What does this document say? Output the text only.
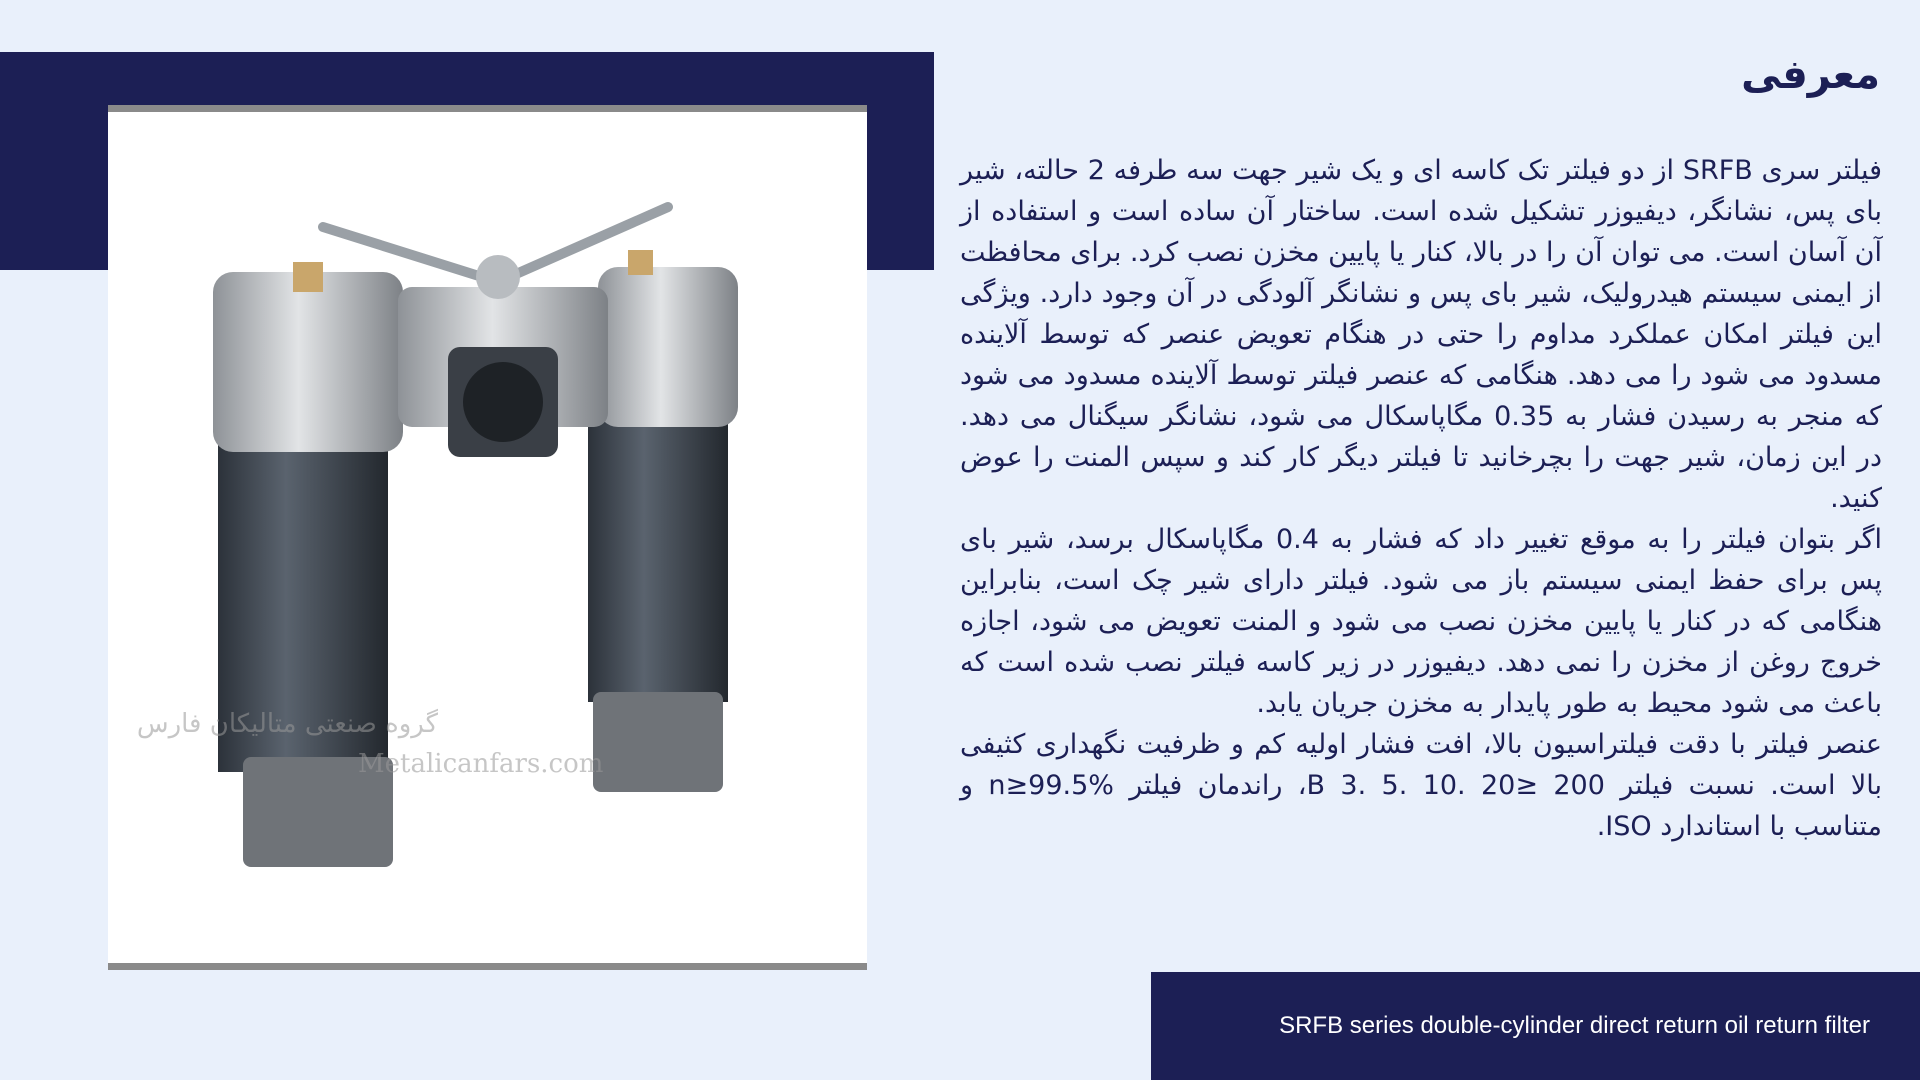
گروه صنعتی متالیکان فارس
Metalicanfars.com
معرفی

فیلتر سری SRFB از دو فیلتر تک کاسه ای و یک شیر جهت سه طرفه 2 حالته، شیر بای پس، نشانگر، دیفیوزر تشکیل شده است. ساختار آن ساده است و استفاده از آن آسان است. می توان آن را در بالا، کنار یا پایین مخزن نصب کرد. برای محافظت از ایمنی سیستم هیدرولیک، شیر بای پس و نشانگر آلودگی در آن وجود دارد. ویژگی این فیلتر امکان عملکرد مداوم را حتی در هنگام تعویض عنصر که توسط آلاینده مسدود می شود را می دهد. هنگامی که عنصر فیلتر توسط آلاینده مسدود می شود که منجر به رسیدن فشار به 0.35 مگاپاسکال می شود، نشانگر سیگنال می دهد. در این زمان، شیر جهت را بچرخانید تا فیلتر دیگر کار کند و سپس المنت را عوض کنید.

اگر بتوان فیلتر را به موقع تغییر داد که فشار به 0.4 مگاپاسکال برسد، شیر بای پس برای حفظ ایمنی سیستم باز می شود. فیلتر دارای شیر چک است، بنابراین هنگامی که در کنار یا پایین مخزن نصب می شود و المنت تعویض می شود، اجازه خروج روغن از مخزن را نمی دهد. دیفیوزر در زیر کاسه فیلتر نصب شده است که باعث می شود محیط به طور پایدار به مخزن جریان یابد.

عنصر فیلتر با دقت فیلتراسیون بالا، افت فشار اولیه کم و ظرفیت نگهداری کثیفی بالا است. نسبت فیلتر 200 ≤20 .10 .5 .B 3، راندمان فیلتر n≥99.5% و متناسب با استاندارد ISO.

SRFB series double-cylinder direct return oil return filter
